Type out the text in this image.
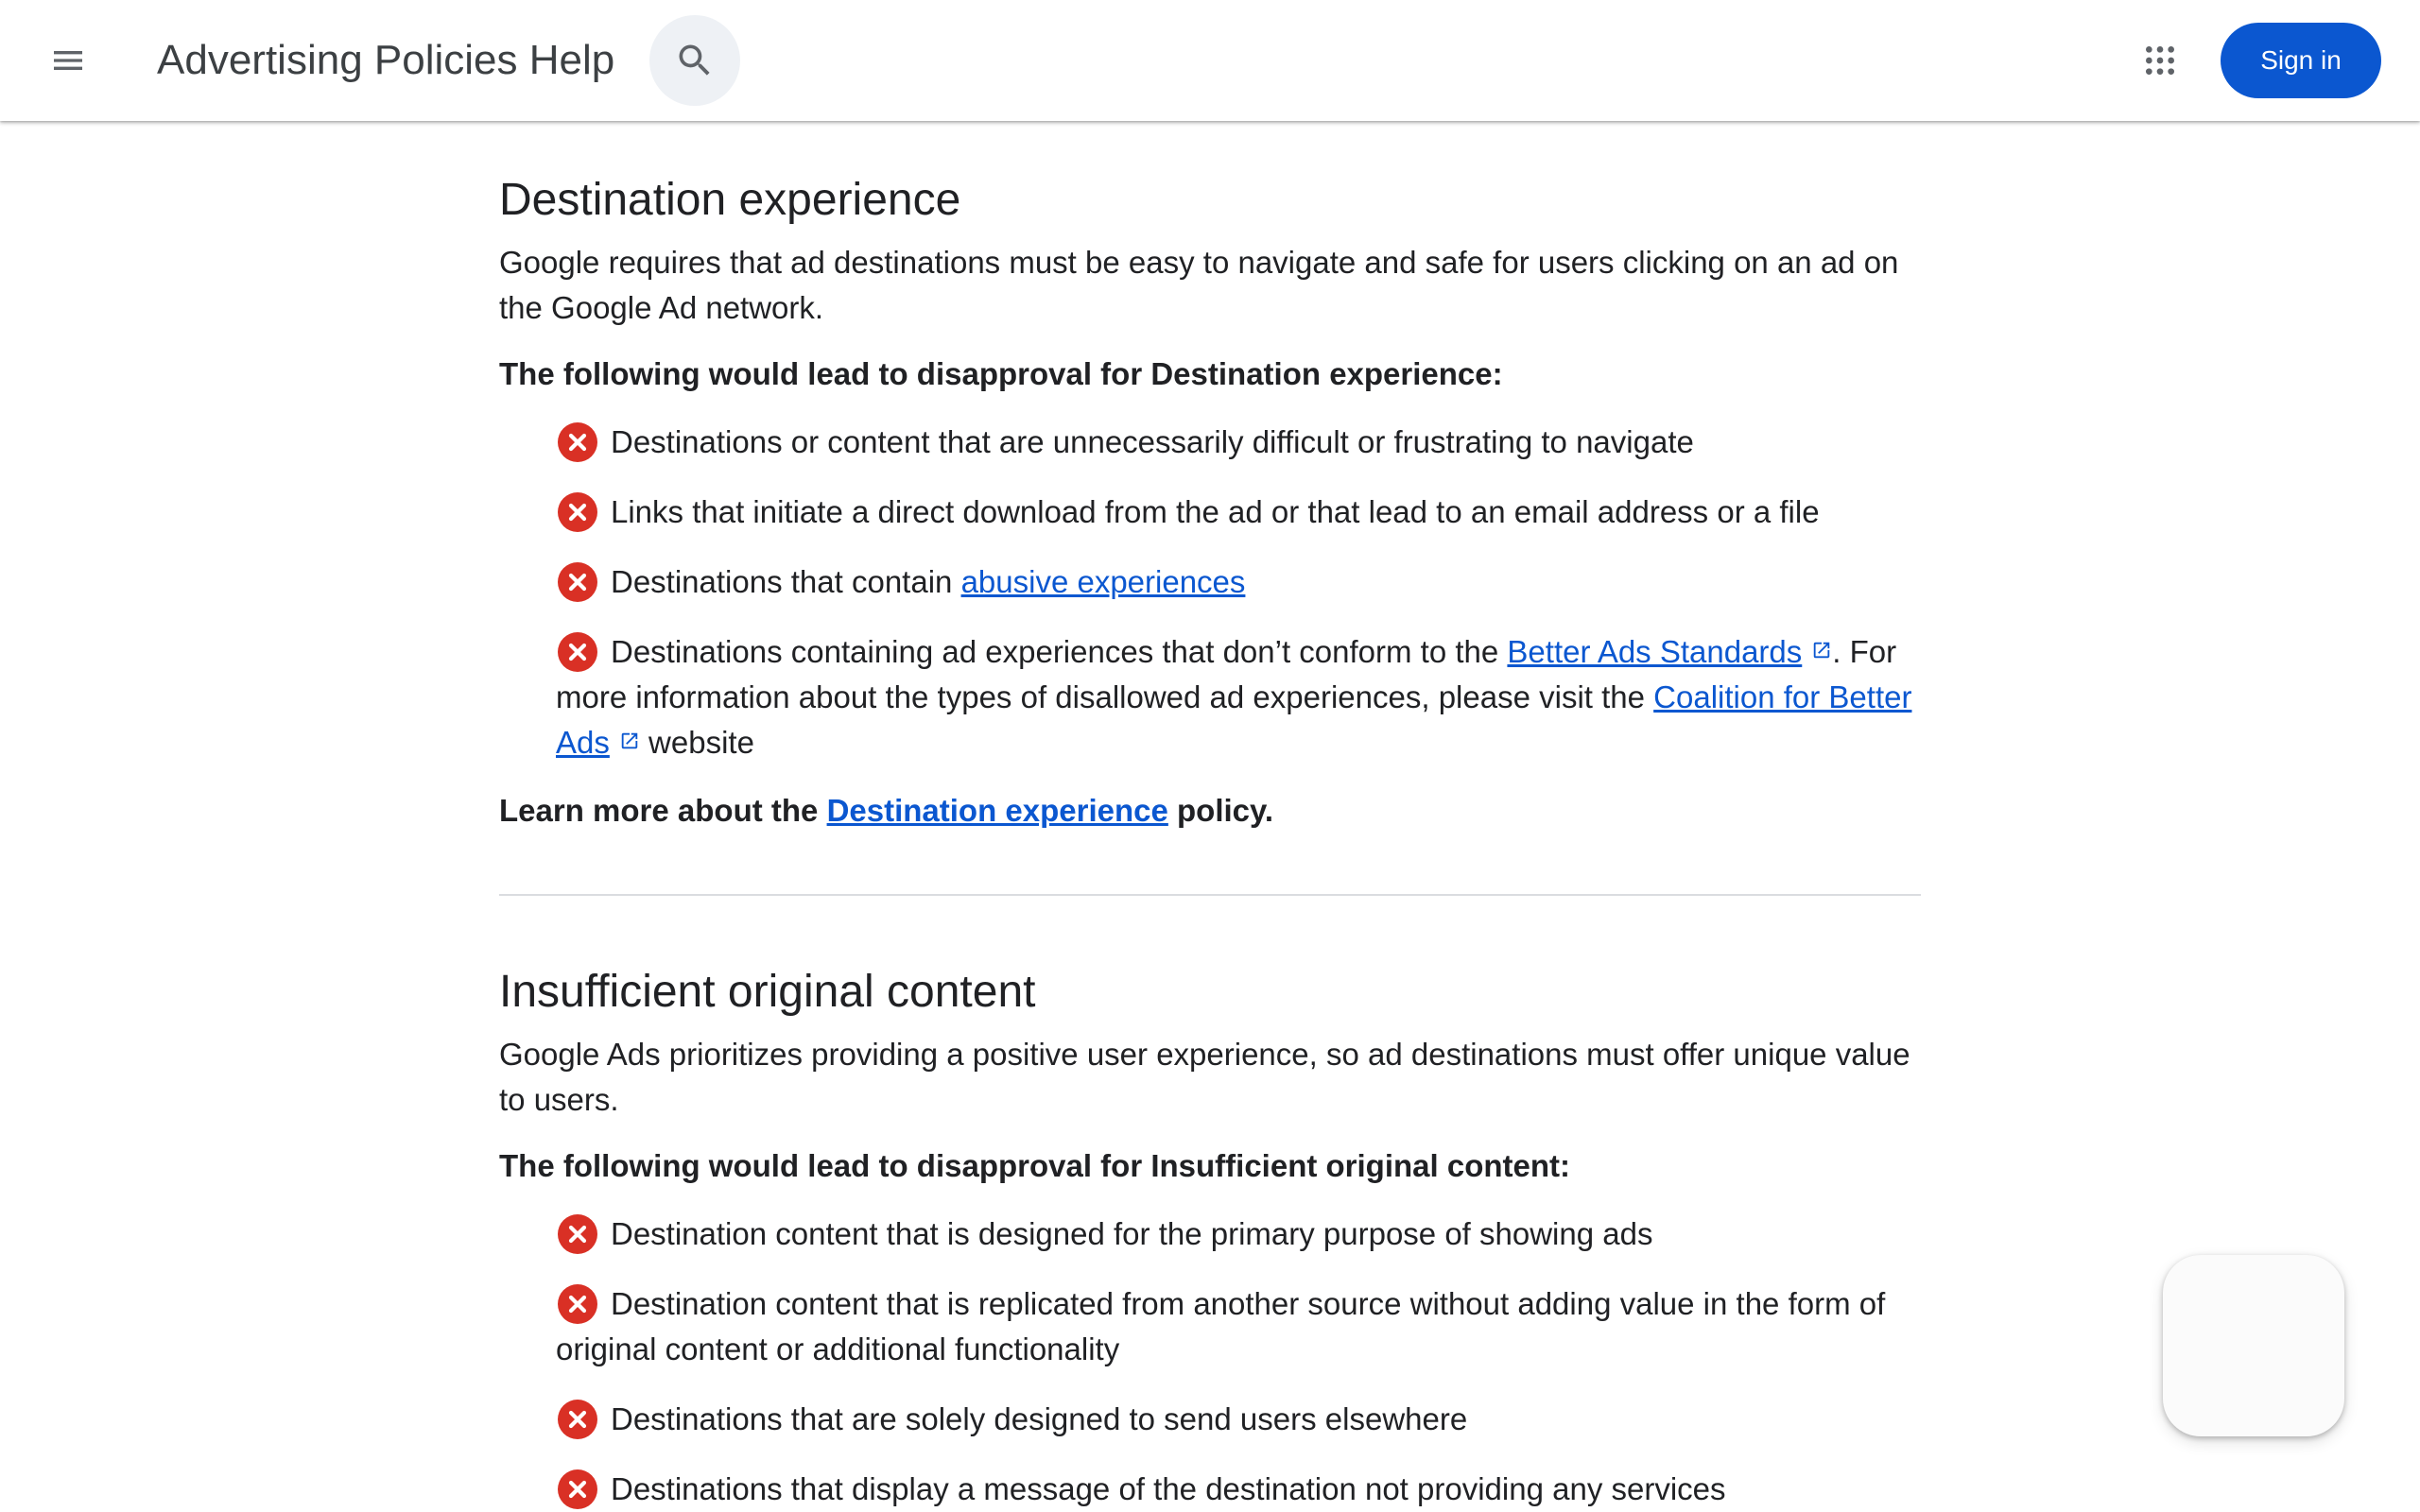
Advertising Policies Help	Sign in
Destination experience

Google requires that ad destinations must be easy to navigate and safe for users clicking on an ad on the Google Ad network.

The following would lead to disapproval for Destination experience:

Destinations or content that are unnecessarily difficult or frustrating to navigate
Links that initiate a direct download from the ad or that lead to an email address or a file
Destinations that contain abusive experiences
Destinations containing ad experiences that don’t conform to the Better Ads Standards . For more information about the types of disallowed ad experiences, please visit the Coalition for Better Ads website

Learn more about the Destination experience policy.

Insufficient original content

Google Ads prioritizes providing a positive user experience, so ad destinations must offer unique value to users.

The following would lead to disapproval for Insufficient original content:

Destination content that is designed for the primary purpose of showing ads
Destination content that is replicated from another source without adding value in the form of original content or additional functionality
Destinations that are solely designed to send users elsewhere
Destinations that display a message of the destination not providing any services
